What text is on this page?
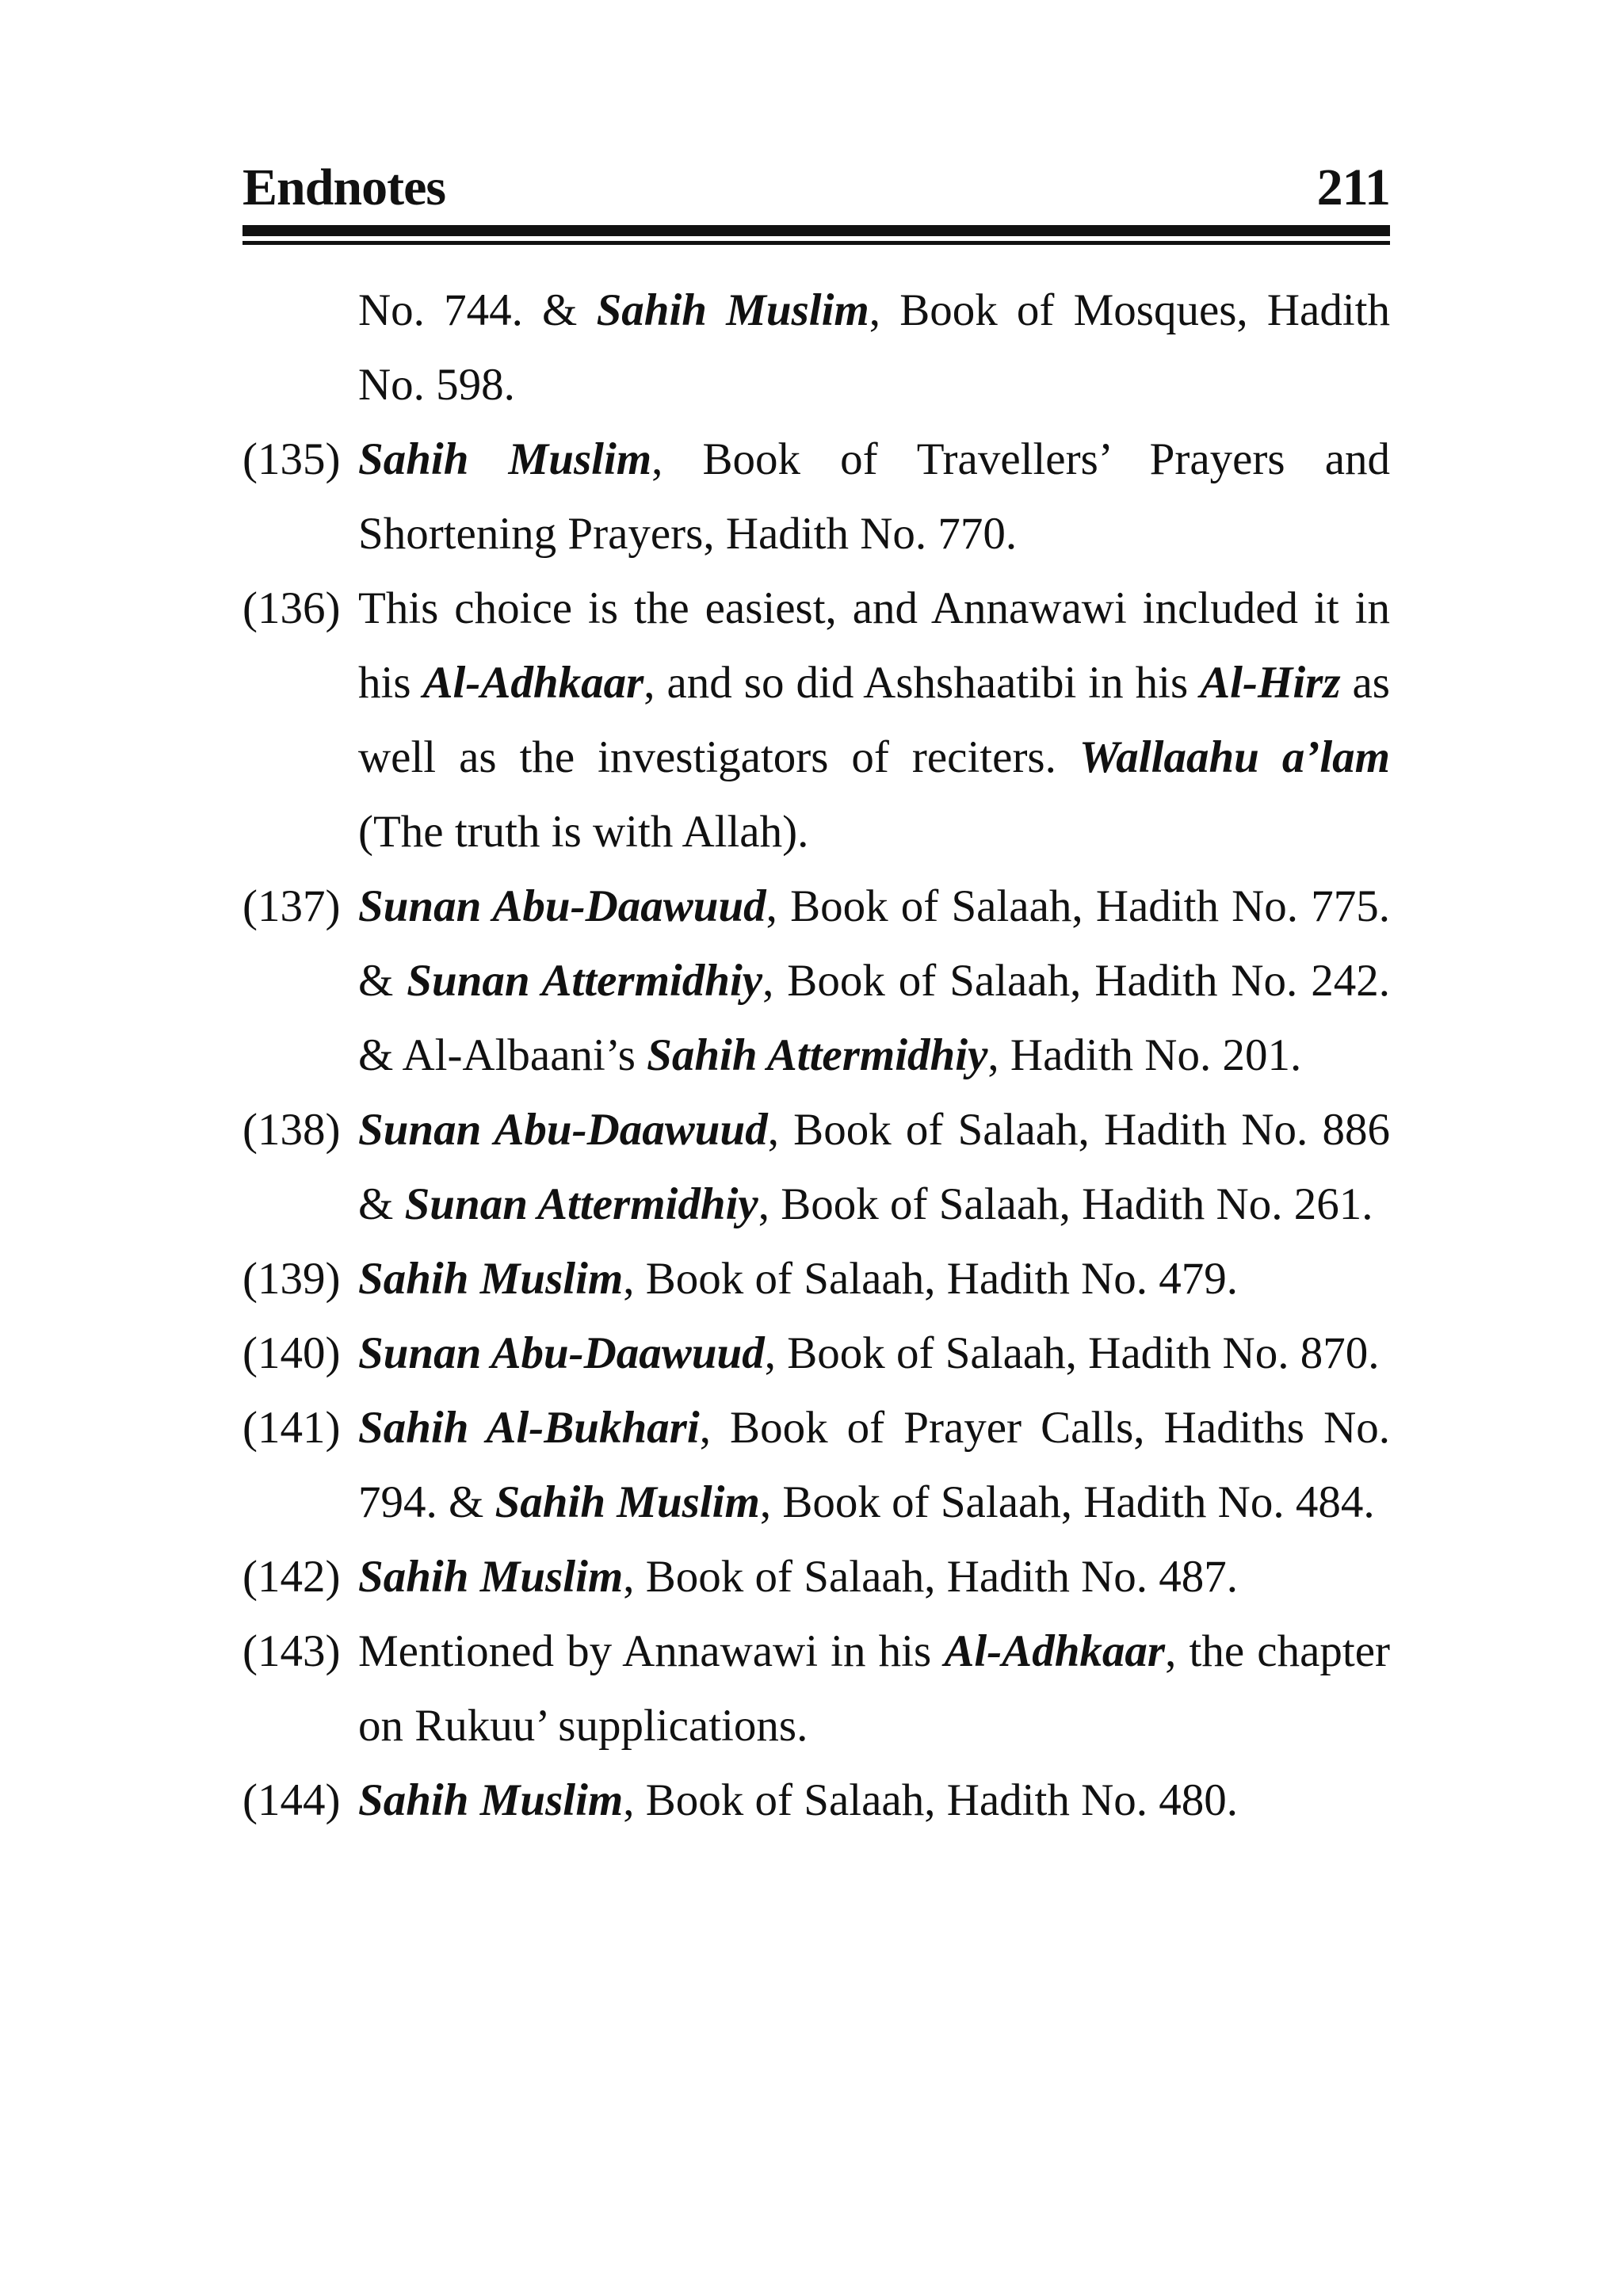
Endnotes	211
No. 744. & Sahih Muslim, Book of Mosques, Hadith No. 598.
(135) Sahih Muslim, Book of Travellers’ Prayers and Shortening Prayers, Hadith No. 770.
(136) This choice is the easiest, and Annawawi included it in his Al-Adhkaar, and so did Ashshaatibi in his Al-Hirz as well as the investigators of reciters. Wallaahu a’lam (The truth is with Allah).
(137) Sunan Abu-Daawuud, Book of Salaah, Hadith No. 775. & Sunan Attermidhiy, Book of Salaah, Hadith No. 242. & Al-Albaani’s Sahih Attermidhiy, Hadith No. 201.
(138) Sunan Abu-Daawuud, Book of Salaah, Hadith No. 886 & Sunan Attermidhiy, Book of Salaah, Hadith No. 261.
(139) Sahih Muslim, Book of Salaah, Hadith No. 479.
(140) Sunan Abu-Daawuud, Book of Salaah, Hadith No. 870.
(141) Sahih Al-Bukhari, Book of Prayer Calls, Hadiths No. 794. & Sahih Muslim, Book of Salaah, Hadith No. 484.
(142) Sahih Muslim, Book of Salaah, Hadith No. 487.
(143) Mentioned by Annawawi in his Al-Adhkaar, the chapter on Rukuu’ supplications.
(144) Sahih Muslim, Book of Salaah, Hadith No. 480.
